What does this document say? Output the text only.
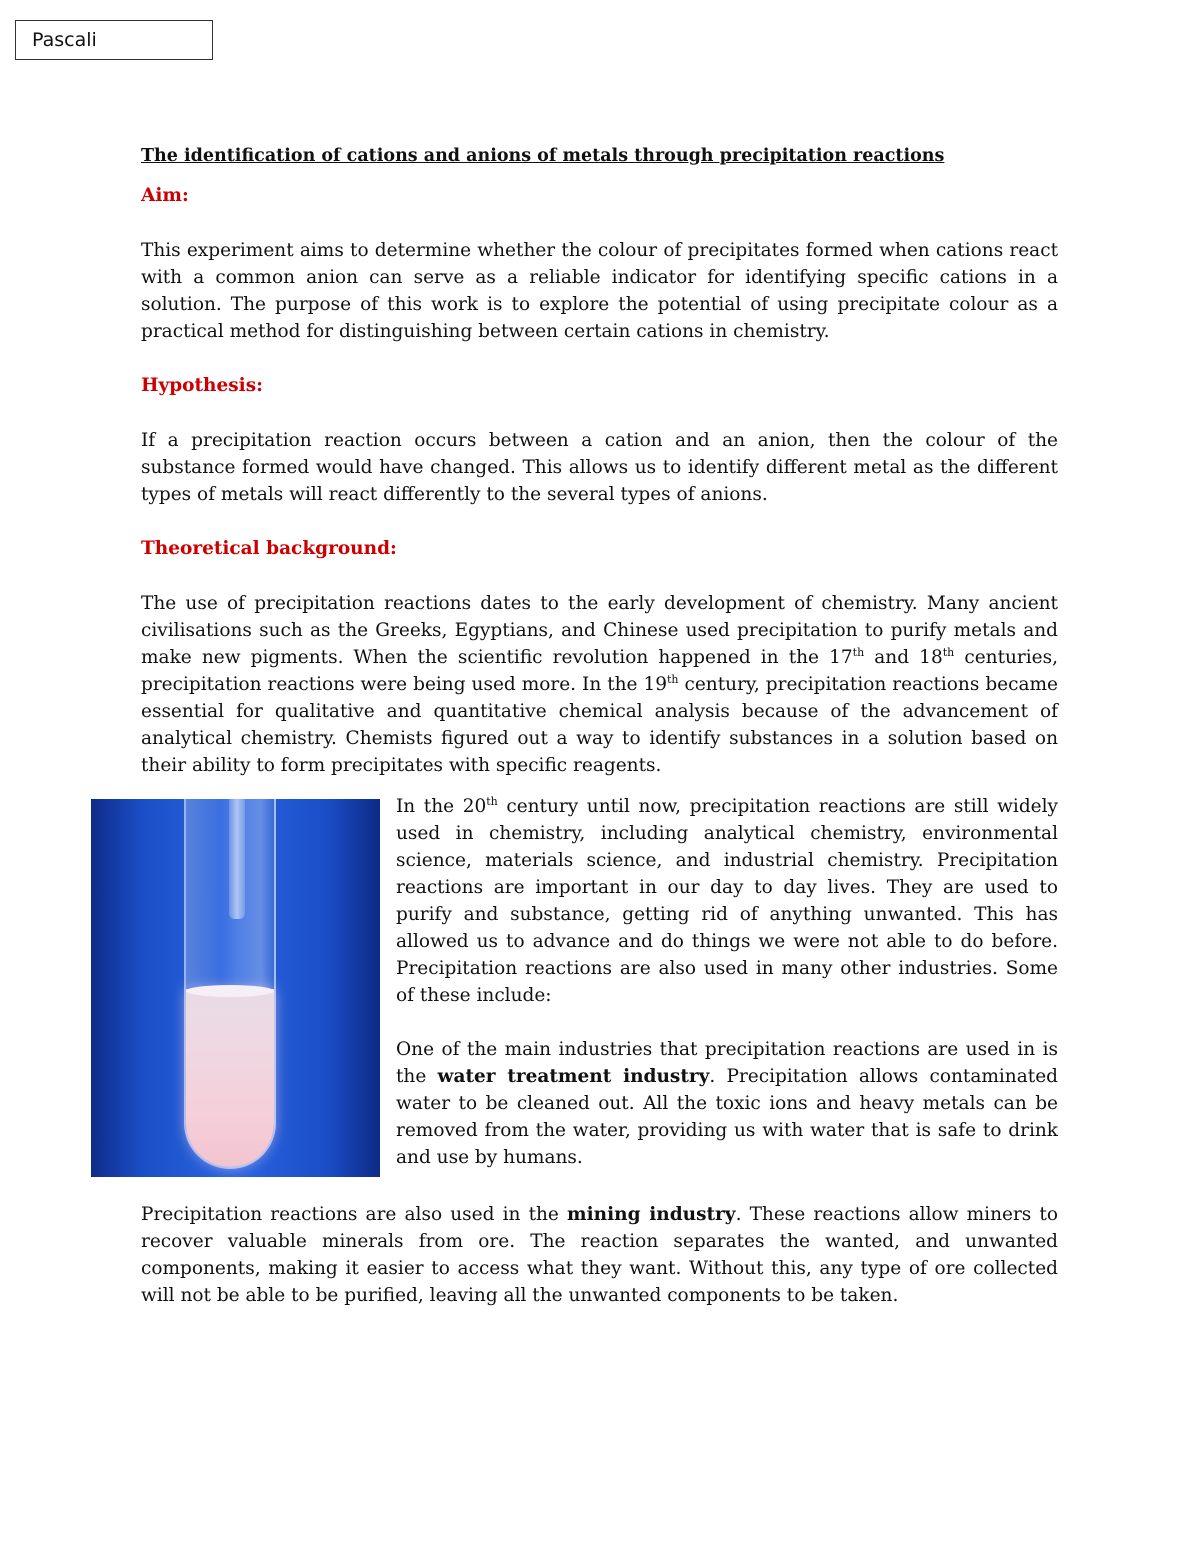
Pascali
The identification of cations and anions of metals through precipitation reactions
Aim:

This experiment aims to determine whether the colour of precipitates formed when cations react with a common anion can serve as a reliable indicator for identifying specific cations in a solution. The purpose of this work is to explore the potential of using precipitate colour as a practical method for distinguishing between certain cations in chemistry.

Hypothesis:

If a precipitation reaction occurs between a cation and an anion, then the colour of the substance formed would have changed. This allows us to identify different metal as the different types of metals will react differently to the several types of anions.

Theoretical background:

The use of precipitation reactions dates to the early development of chemistry. Many ancient civilisations such as the Greeks, Egyptians, and Chinese used precipitation to purify metals and make new pigments. When the scientific revolution happened in the 17th and 18th centuries, precipitation reactions were being used more. In the 19th century, precipitation reactions became essential for qualitative and quantitative chemical analysis because of the advancement of analytical chemistry. Chemists figured out a way to identify substances in a solution based on their ability to form precipitates with specific reagents.

In the 20th century until now, precipitation reactions are still widely used in chemistry, including analytical chemistry, environmental science, materials science, and industrial chemistry. Precipitation reactions are important in our day to day lives. They are used to purify and substance, getting rid of anything unwanted. This has allowed us to advance and do things we were not able to do before. Precipitation reactions are also used in many other industries. Some of these include:

One of the main industries that precipitation reactions are used in is the water treatment industry. Precipitation allows contaminated water to be cleaned out. All the toxic ions and heavy metals can be removed from the water, providing us with water that is safe to drink and use by humans.

Precipitation reactions are also used in the mining industry. These reactions allow miners to recover valuable minerals from ore. The reaction separates the wanted, and unwanted components, making it easier to access what they want. Without this, any type of ore collected will not be able to be purified, leaving all the unwanted components to be taken.
